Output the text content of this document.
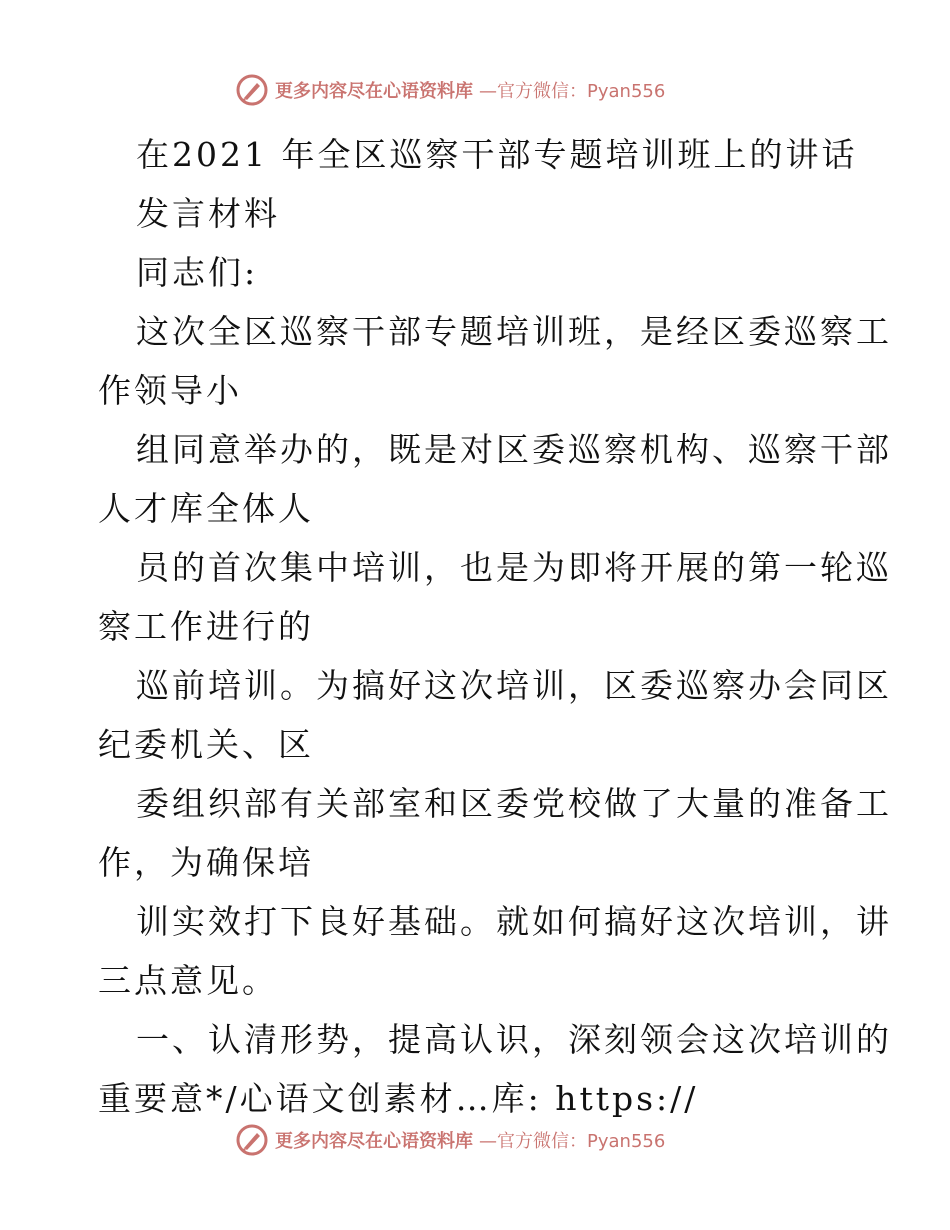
更多内容尽在心语资料库 —官方微信：Pyan556
在2021 年全区巡察干部专题培训班上的讲话
发言材料
同志们:
这次全区巡察干部专题培训班，是经区委巡察工
作领导小
组同意举办的，既是对区委巡察机构、巡察干部
人才库全体人
员的首次集中培训，也是为即将开展的第一轮巡
察工作进行的
巡前培训。为搞好这次培训，区委巡察办会同区
纪委机关、区
委组织部有关部室和区委党校做了大量的准备工
作，为确保培
训实效打下良好基础。就如何搞好这次培训，讲
三点意见。
一、认清形势，提高认识，深刻领会这次培训的
重要意*/心语文创素材…库: https://
更多内容尽在心语资料库 —官方微信：Pyan556
